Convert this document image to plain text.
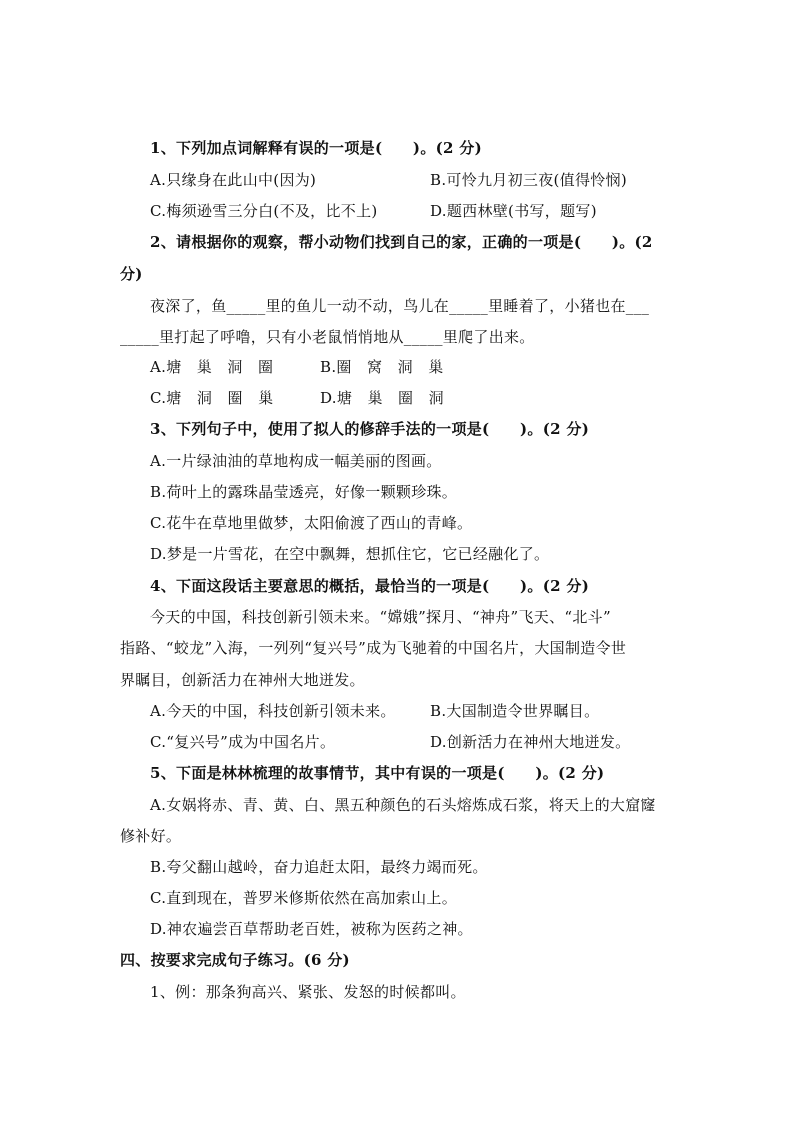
1、下列加点词解释有误的一项是(　　)。(2 分)
A.只缘身在此山中(因为)	B.可怜九月初三夜(值得怜悯)
C.梅须逊雪三分白(不及，比不上)	D.题西林壁(书写，题写)
2、请根据你的观察，帮小动物们找到自己的家，正确的一项是(　　)。(2
分)
夜深了，鱼_____里的鱼儿一动不动，鸟儿在_____里睡着了，小猪也在___
_____里打起了呼噜，只有小老鼠悄悄地从_____里爬了出来。
A.塘　巢　洞　圈	B.圈　窝　洞　巢
C.塘　洞　圈　巢	D.塘　巢　圈　洞
3、下列句子中，使用了拟人的修辞手法的一项是(　　)。(2 分)
A.一片绿油油的草地构成一幅美丽的图画。
B.荷叶上的露珠晶莹透亮，好像一颗颗珍珠。
C.花牛在草地里做梦，太阳偷渡了西山的青峰。
D.梦是一片雪花，在空中飘舞，想抓住它，它已经融化了。
4、下面这段话主要意思的概括，最恰当的一项是(　　)。(2 分)
今天的中国，科技创新引领未来。“嫦娥”探月、“神舟”飞天、“北斗”
指路、“蛟龙”入海，一列列“复兴号”成为飞驰着的中国名片，大国制造令世
界瞩目，创新活力在神州大地迸发。
A.今天的中国，科技创新引领未来。 B.大国制造令世界瞩目。
C.“复兴号”成为中国名片。	D.创新活力在神州大地迸发。
5、下面是林林梳理的故事情节，其中有误的一项是(　　)。(2 分)
A.女娲将赤、青、黄、白、黑五种颜色的石头熔炼成石浆，将天上的大窟窿
修补好。
B.夸父翻山越岭，奋力追赶太阳，最终力竭而死。
C.直到现在，普罗米修斯依然在高加索山上。
D.神农遍尝百草帮助老百姓，被称为医药之神。
四、按要求完成句子练习。(6 分)
1、例：那条狗高兴、紧张、发怒的时候都叫。
